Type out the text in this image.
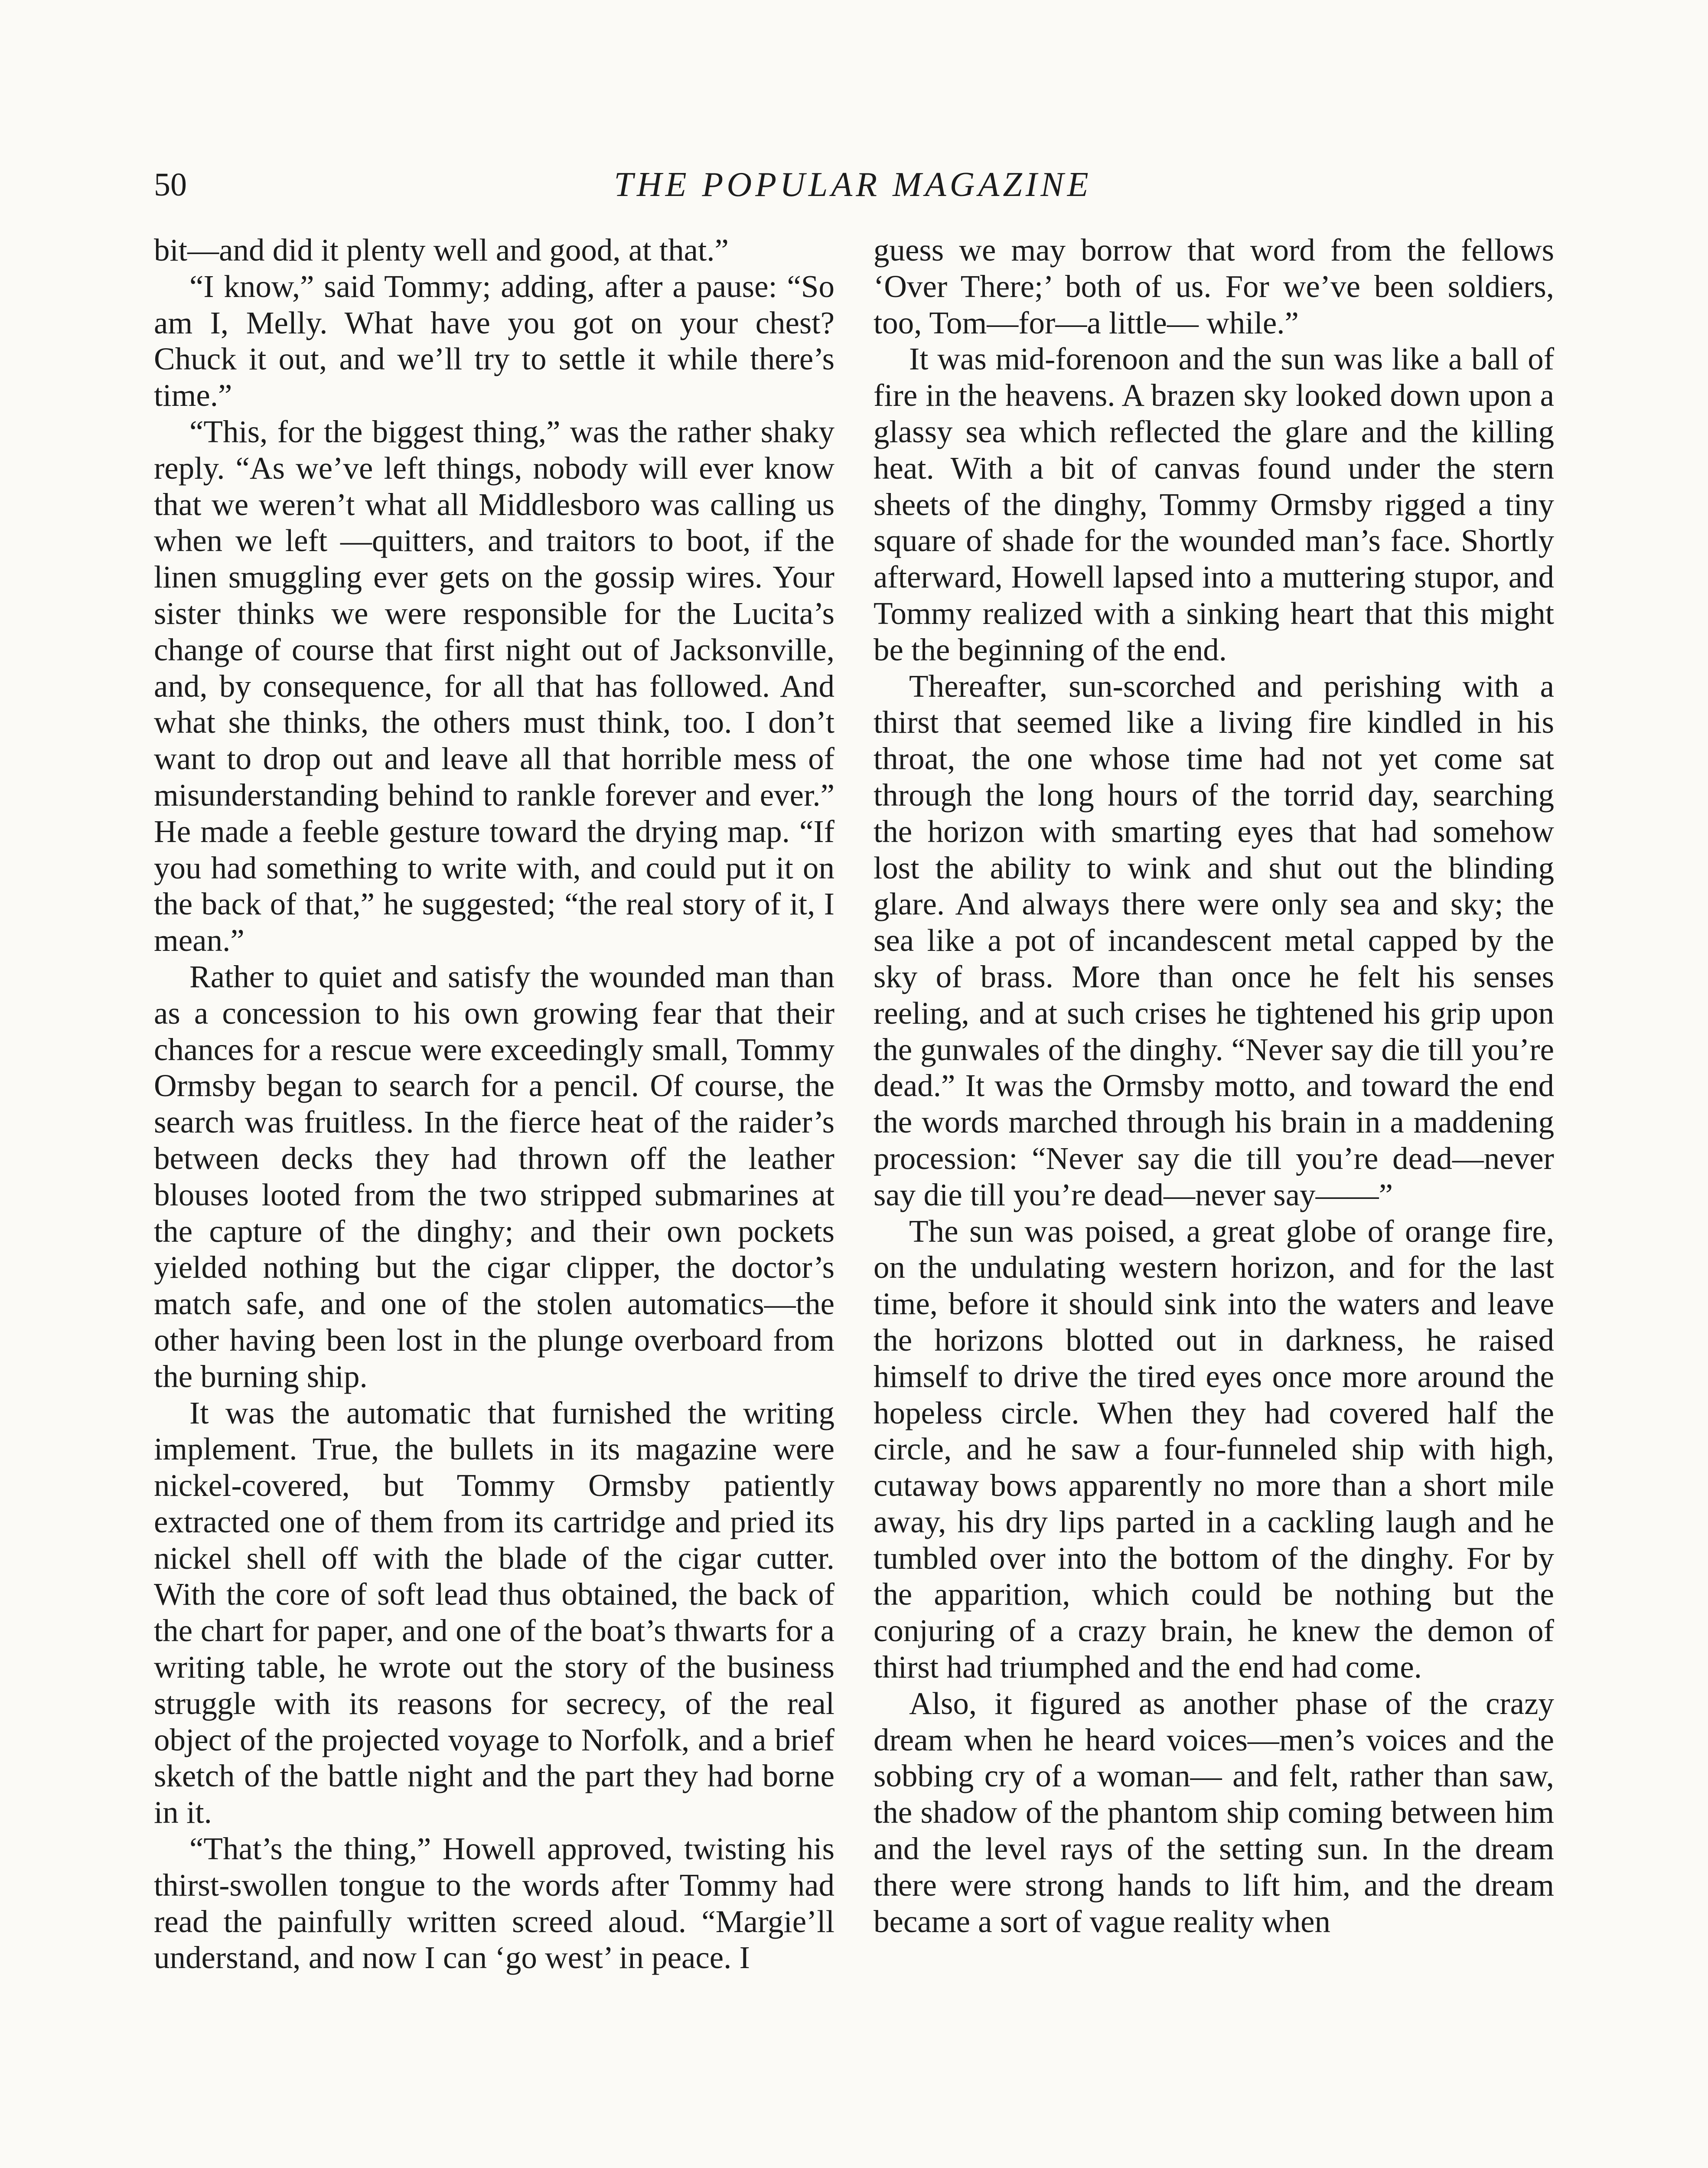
50	THE POPULAR MAGAZINE

bit—and did it plenty well and good, at that.”

“I know,” said Tommy; adding, after a pause: “So am I, Melly. What have you got on your chest? Chuck it out, and we’ll try to settle it while there’s time.”

“This, for the biggest thing,” was the rather shaky reply. “As we’ve left things, nobody will ever know that we weren’t what all Middlesboro was calling us when we left —quitters, and traitors to boot, if the linen smuggling ever gets on the gossip wires. Your sister thinks we were responsible for the Lucita’s change of course that first night out of Jacksonville, and, by consequence, for all that has followed. And what she thinks, the others must think, too. I don’t want to drop out and leave all that horrible mess of misunderstanding behind to rankle forever and ever.” He made a feeble gesture toward the drying map. “If you had something to write with, and could put it on the back of that,” he suggested; “the real story of it, I mean.”

Rather to quiet and satisfy the wounded man than as a concession to his own growing fear that their chances for a rescue were exceedingly small, Tommy Ormsby began to search for a pencil. Of course, the search was fruitless. In the fierce heat of the raider’s between decks they had thrown off the leather blouses looted from the two stripped submarines at the capture of the dinghy; and their own pockets yielded nothing but the cigar clipper, the doctor’s match safe, and one of the stolen automatics—the other having been lost in the plunge overboard from the burning ship.

It was the automatic that furnished the writing implement. True, the bullets in its magazine were nickel-covered, but Tommy Ormsby patiently extracted one of them from its cartridge and pried its nickel shell off with the blade of the cigar cutter. With the core of soft lead thus obtained, the back of the chart for paper, and one of the boat’s thwarts for a writing table, he wrote out the story of the business struggle with its reasons for secrecy, of the real object of the projected voyage to Norfolk, and a brief sketch of the battle night and the part they had borne in it.

“That’s the thing,” Howell approved, twisting his thirst-swollen tongue to the words after Tommy had read the painfully written screed aloud. “Margie’ll understand, and now I can ‘go west’ in peace. I

guess we may borrow that word from the fellows ‘Over There;’ both of us. For we’ve been soldiers, too, Tom—for—a little— while.”

It was mid-forenoon and the sun was like a ball of fire in the heavens. A brazen sky looked down upon a glassy sea which reflected the glare and the killing heat. With a bit of canvas found under the stern sheets of the dinghy, Tommy Ormsby rigged a tiny square of shade for the wounded man’s face. Shortly afterward, Howell lapsed into a muttering stupor, and Tommy realized with a sinking heart that this might be the beginning of the end.

Thereafter, sun-scorched and perishing with a thirst that seemed like a living fire kindled in his throat, the one whose time had not yet come sat through the long hours of the torrid day, searching the horizon with smarting eyes that had somehow lost the ability to wink and shut out the blinding glare. And always there were only sea and sky; the sea like a pot of incandescent metal capped by the sky of brass. More than once he felt his senses reeling, and at such crises he tightened his grip upon the gunwales of the dinghy. “Never say die till you’re dead.” It was the Ormsby motto, and toward the end the words marched through his brain in a maddening procession: “Never say die till you’re dead—never say die till you’re dead—never say——”

The sun was poised, a great globe of orange fire, on the undulating western horizon, and for the last time, before it should sink into the waters and leave the horizons blotted out in darkness, he raised himself to drive the tired eyes once more around the hopeless circle. When they had covered half the circle, and he saw a four-funneled ship with high, cutaway bows apparently no more than a short mile away, his dry lips parted in a cackling laugh and he tumbled over into the bottom of the dinghy. For by the apparition, which could be nothing but the conjuring of a crazy brain, he knew the demon of thirst had triumphed and the end had come.

Also, it figured as another phase of the crazy dream when he heard voices—men’s voices and the sobbing cry of a woman— and felt, rather than saw, the shadow of the phantom ship coming between him and the level rays of the setting sun. In the dream there were strong hands to lift him, and the dream became a sort of vague reality when
